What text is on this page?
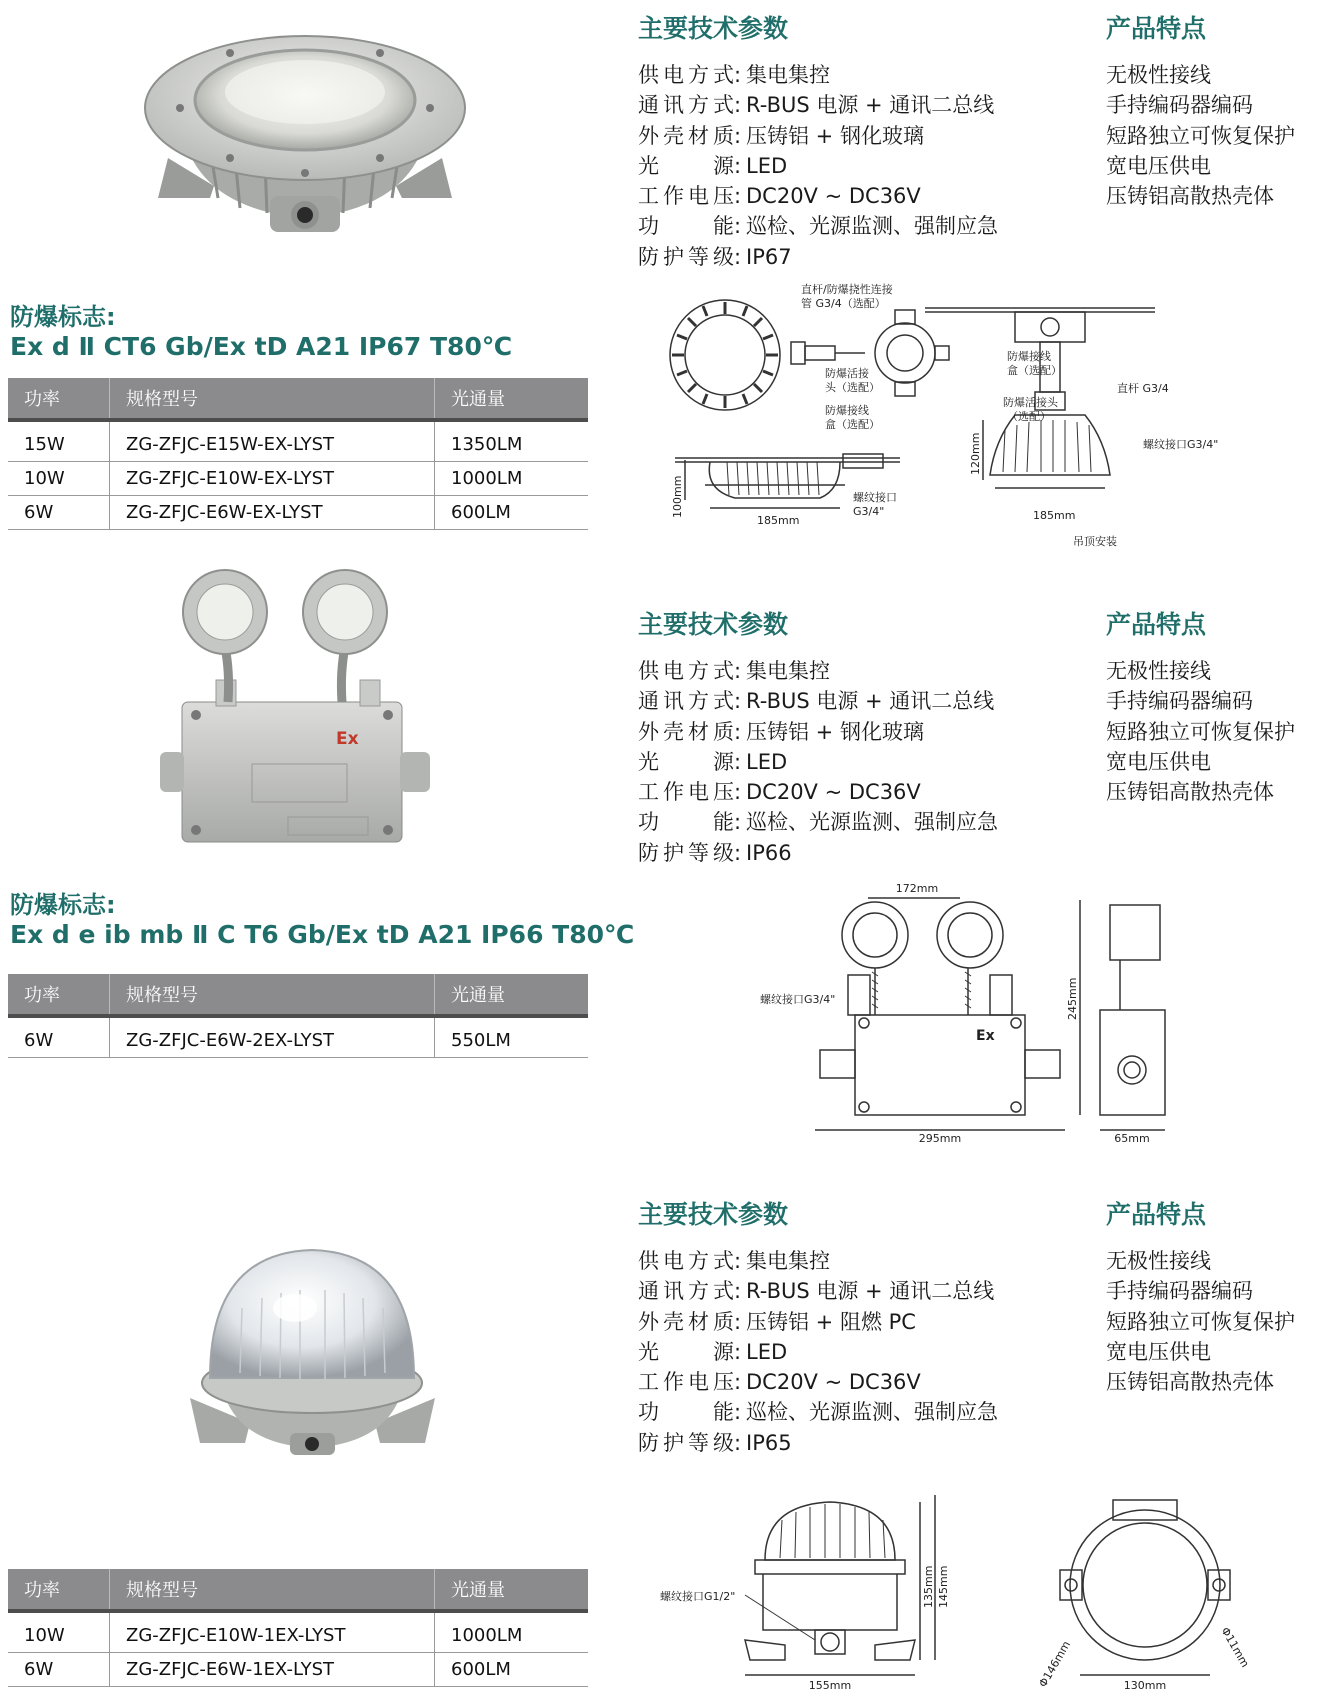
防爆标志:

Ex d Ⅱ CT6 Gb/Ex tD A21 IP67 T80℃

功率	规格型号	光通量

15W	ZG-ZFJC-E15W-EX-LYST	1350LM
10W	ZG-ZFJC-E10W-EX-LYST	1000LM
6W	ZG-ZFJC-E6W-EX-LYST	600LM
主要技术参数
供电方式 : 集电集控
通讯方式 : R-BUS 电源 + 通讯二总线
外壳材质 : 压铸铝 + 钢化玻璃
光源 : LED
工作电压 : DC20V ~ DC36V
功能 : 巡检、光源监测、强制应急
防护等级 : IP67
产品特点
无极性接线
手持编码器编码
短路独立可恢复保护
宽电压供电
压铸铝高散热壳体
直杆/防爆挠性连接
管 G3/4（选配）
防爆活接
头（选配）
防爆接线
盒（选配）
100mm
185mm
螺纹接口
G3/4"
防爆接线
盒（选配）
防爆活接头
（选配）
直杆 G3/4
螺纹接口G3/4"
120mm
185mm
吊顶安装
Ex

防爆标志:

Ex d e ib mb Ⅱ C T6 Gb/Ex tD A21 IP66 T80℃

功率	规格型号	光通量

6W	ZG-ZFJC-E6W-2EX-LYST	550LM
主要技术参数
供电方式 : 集电集控
通讯方式 : R-BUS 电源 + 通讯二总线
外壳材质 : 压铸铝 + 钢化玻璃
光源 : LED
工作电压 : DC20V ~ DC36V
功能 : 巡检、光源监测、强制应急
防护等级 : IP66
产品特点
无极性接线
手持编码器编码
短路独立可恢复保护
宽电压供电
压铸铝高散热壳体
172mm
螺纹接口G3/4"	245mm
295mm	65mm
Ex
功率	规格型号	光通量

10W	ZG-ZFJC-E10W-1EX-LYST	1000LM
6W	ZG-ZFJC-E6W-1EX-LYST	600LM
主要技术参数
供电方式 : 集电集控
通讯方式 : R-BUS 电源 + 通讯二总线
外壳材质 : 压铸铝 + 阻燃 PC
光源 : LED
工作电压 : DC20V ~ DC36V
功能 : 巡检、光源监测、强制应急
防护等级 : IP65
产品特点
无极性接线
手持编码器编码
短路独立可恢复保护
宽电压供电
压铸铝高散热壳体
螺纹接口G1/2"	135mm 145mm
155mm	Φ146mm	130mm
Φ11mm
